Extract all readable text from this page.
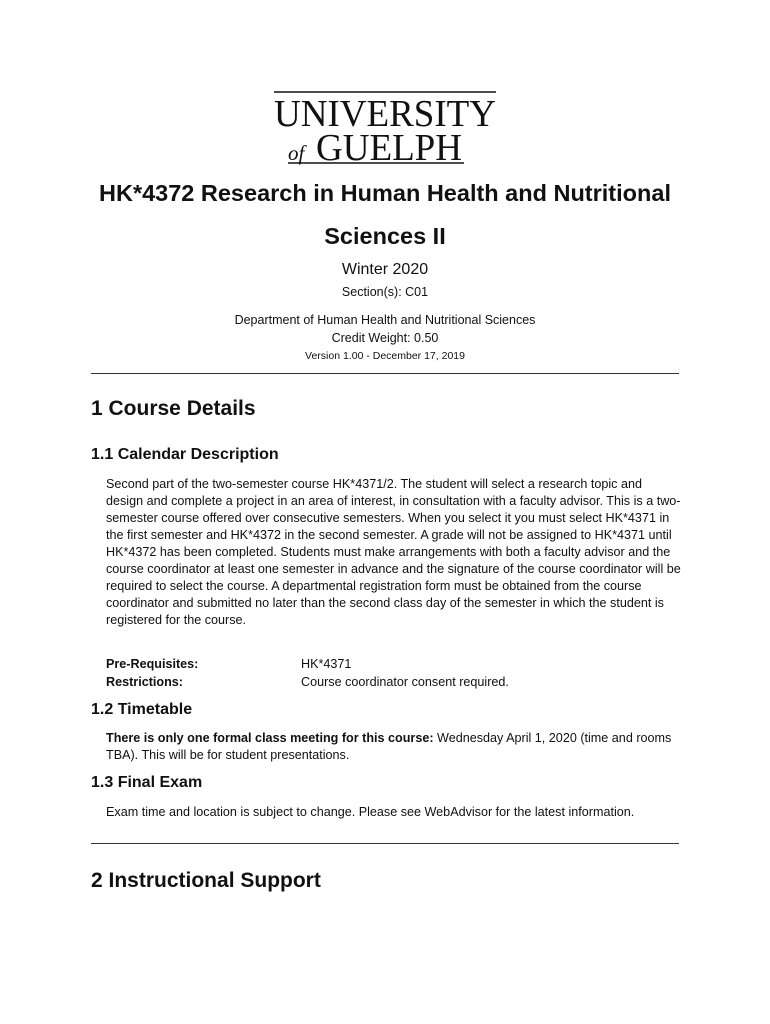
UNIVERSITY
of GUELPH
HK*4372 Research in Human Health and Nutritional Sciences II
Winter 2020
Section(s): C01
Department of Human Health and Nutritional Sciences
Credit Weight: 0.50
Version 1.00 - December 17, 2019
1 Course Details
1.1 Calendar Description
Second part of the two-semester course HK*4371/2. The student will select a research topic and design and complete a project in an area of interest, in consultation with a faculty advisor. This is a two-semester course offered over consecutive semesters. When you select it you must select HK*4371 in the first semester and HK*4372 in the second semester. A grade will not be assigned to HK*4371 until HK*4372 has been completed. Students must make arrangements with both a faculty advisor and the course coordinator at least one semester in advance and the signature of the course coordinator will be required to select the course. A departmental registration form must be obtained from the course coordinator and submitted no later than the second class day of the semester in which the student is registered for the course.
Pre-Requisites:	HK*4371
Restrictions:	Course coordinator consent required.
1.2 Timetable
There is only one formal class meeting for this course: Wednesday April 1, 2020 (time and rooms TBA). This will be for student presentations.
1.3 Final Exam
Exam time and location is subject to change. Please see WebAdvisor for the latest information.
2 Instructional Support
